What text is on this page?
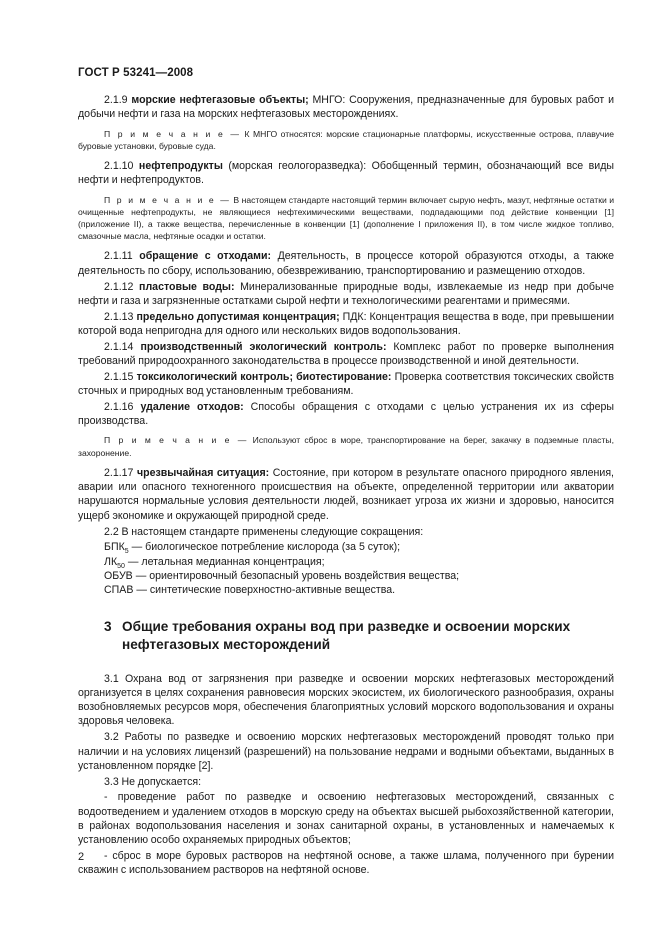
ГОСТ Р 53241—2008

2.1.9 морские нефтегазовые объекты; МНГО: Сооружения, предназначенные для буровых работ и добычи нефти и газа на морских нефтегазовых месторождениях.

П р и м е ч а н и е — К МНГО относятся: морские стационарные платформы, искусственные острова, плавучие буровые установки, буровые суда.

2.1.10 нефтепродукты (морская геологоразведка): Обобщенный термин, обозначающий все виды нефти и нефтепродуктов.

П р и м е ч а н и е — В настоящем стандарте настоящий термин включает сырую нефть, мазут, нефтяные остатки и очищенные нефтепродукты, не являющиеся нефтехимическими веществами, подпадающими под действие конвенции [1] (приложение II), а также вещества, перечисленные в конвенции [1] (дополнение I приложения II), в том числе жидкое топливо, смазочные масла, нефтяные осадки и остатки.

2.1.11 обращение с отходами: Деятельность, в процессе которой образуются отходы, а также деятельность по сбору, использованию, обезвреживанию, транспортированию и размещению отходов.

2.1.12 пластовые воды: Минерализованные природные воды, извлекаемые из недр при добыче нефти и газа и загрязненные остатками сырой нефти и технологическими реагентами и примесями.

2.1.13 предельно допустимая концентрация; ПДК: Концентрация вещества в воде, при превышении которой вода непригодна для одного или нескольких видов водопользования.

2.1.14 производственный экологический контроль: Комплекс работ по проверке выполнения требований природоохранного законодательства в процессе производственной и иной деятельности.

2.1.15 токсикологический контроль; биотестирование: Проверка соответствия токсических свойств сточных и природных вод установленным требованиям.

2.1.16 удаление отходов: Способы обращения с отходами с целью устранения их из сферы производства.

П р и м е ч а н и е — Используют сброс в море, транспортирование на берег, закачку в подземные пласты, захоронение.

2.1.17 чрезвычайная ситуация: Состояние, при котором в результате опасного природного явления, аварии или опасного техногенного происшествия на объекте, определенной территории или акватории нарушаются нормальные условия деятельности людей, возникает угроза их жизни и здоровью, наносится ущерб экономике и окружающей природной среде.

2.2 В настоящем стандарте применены следующие сокращения:

$БПК_5$ — биологическое потребление кислорода (за 5 суток);

$ЛК_{50}$ — летальная медианная концентрация;

ОБУВ — ориентировочный безопасный уровень воздействия вещества;

СПАВ — синтетические поверхностно-активные вещества.

3 Общие требования охраны вод при разведке и освоении морских нефтегазовых месторождений

3.1 Охрана вод от загрязнения при разведке и освоении морских нефтегазовых месторождений организуется в целях сохранения равновесия морских экосистем, их биологического разнообразия, охраны возобновляемых ресурсов моря, обеспечения благоприятных условий морского водопользования и охраны здоровья человека.

3.2 Работы по разведке и освоению морских нефтегазовых месторождений проводят только при наличии и на условиях лицензий (разрешений) на пользование недрами и водными объектами, выданных в установленном порядке [2].

3.3 Не допускается:

- проведение работ по разведке и освоению нефтегазовых месторождений, связанных с водоотведением и удалением отходов в морскую среду на объектах высшей рыбохозяйственной категории, в районах водопользования населения и зонах санитарной охраны, в установленных и намечаемых к установлению особо охраняемых природных объектов;

- сброс в море буровых растворов на нефтяной основе, а также шлама, полученного при бурении скважин с использованием растворов на нефтяной основе.

2
